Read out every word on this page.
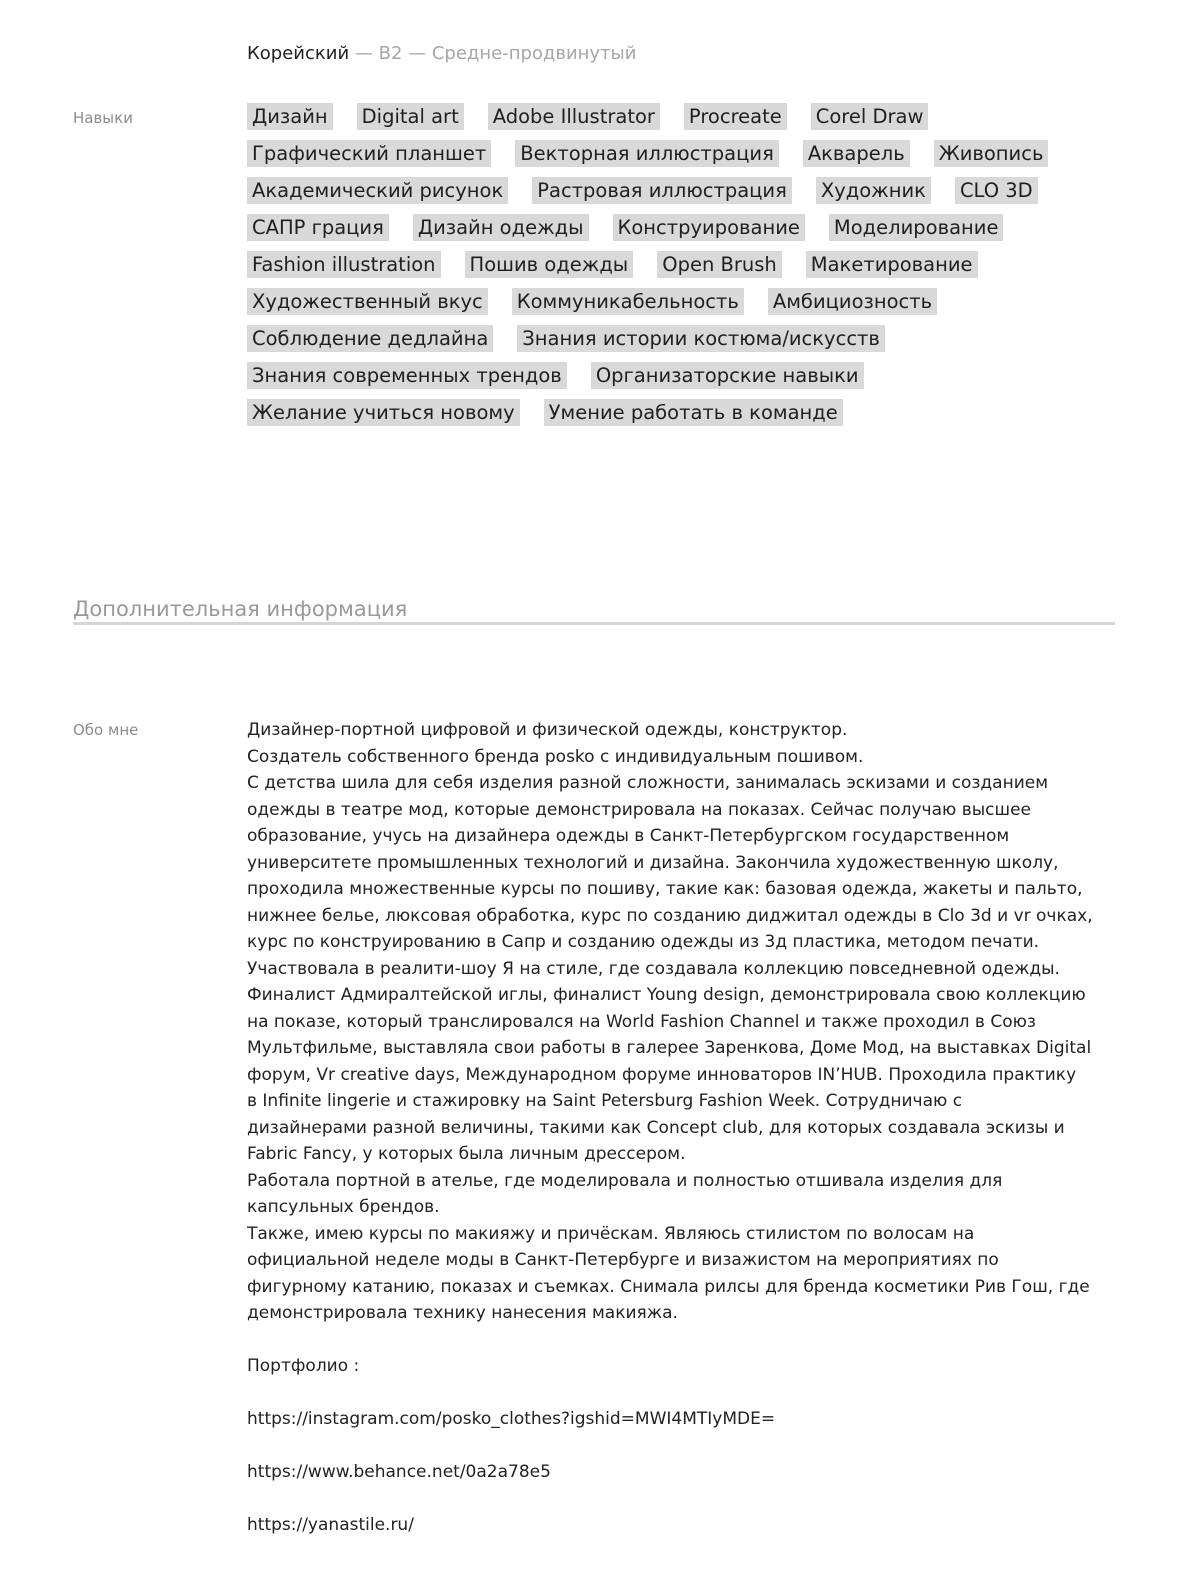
Корейский — B2 — Средне-продвинутый
Навыки	Дизайн Digital art Adobe Illustrator Procreate Corel Draw
Графический планшет Векторная иллюстрация Акварель Живопись
Академический рисунок Растровая иллюстрация Художник CLO 3D
САПР грация Дизайн одежды Конструирование Моделирование
Fashion illustration Пошив одежды Open Brush Макетирование
Художественный вкус Коммуникабельность Амбициозность
Соблюдение дедлайна Знания истории костюма/искусств
Знания современных трендов Организаторские навыки
Желание учиться новому Умение работать в команде
Дополнительная информация
Обо мне	Дизайнер-портной цифровой и физической одежды, конструктор.

Создатель собственного бренда posko с индивидуальным пошивом.

С детства шила для себя изделия разной сложности, занималась эскизами и созданием

одежды в театре мод, которые демонстрировала на показах. Сейчас получаю высшее

образование, учусь на дизайнера одежды в Санкт-Петербургском государственном

университете промышленных технологий и дизайна. Закончила художественную школу,

проходила множественные курсы по пошиву, такие как: базовая одежда, жакеты и пальто,

нижнее белье, люксовая обработка, курс по созданию диджитал одежды в Clo 3d и vr очках,

курс по конструированию в Сапр и созданию одежды из 3д пластика, методом печати.

Участвовала в реалити-шоу Я на стиле, где создавала коллекцию повседневной одежды.

Финалист Адмиралтейской иглы, финалист Young design, демонстрировала свою коллекцию

на показе, который транслировался на World Fashion Channel и также проходил в Союз

Мультфильме, выставляла свои работы в галерее Заренкова, Доме Мод, на выставках Digital

форум, Vr creative days, Международном форуме инноваторов IN’HUB. Проходила практику

в Infinite lingerie и стажировку на Saint Petersburg Fashion Week. Сотрудничаю с

дизайнерами разной величины, такими как Concept club, для которых создавала эскизы и

Fabric Fancy, у которых была личным дрессером.

Работала портной в ателье, где моделировала и полностью отшивала изделия для

капсульных брендов.

Также, имею курсы по макияжу и причёскам. Являюсь стилистом по волосам на

официальной неделе моды в Санкт-Петербурге и визажистом на мероприятиях по

фигурному катанию, показах и съемках. Снимала рилсы для бренда косметики Рив Гош, где

демонстрировала технику нанесения макияжа.

Портфолио :

https://instagram.com/posko_clothes?igshid=MWI4MTIyMDE=

https://www.behance.net/0a2a78e5

https://yanastile.ru/
